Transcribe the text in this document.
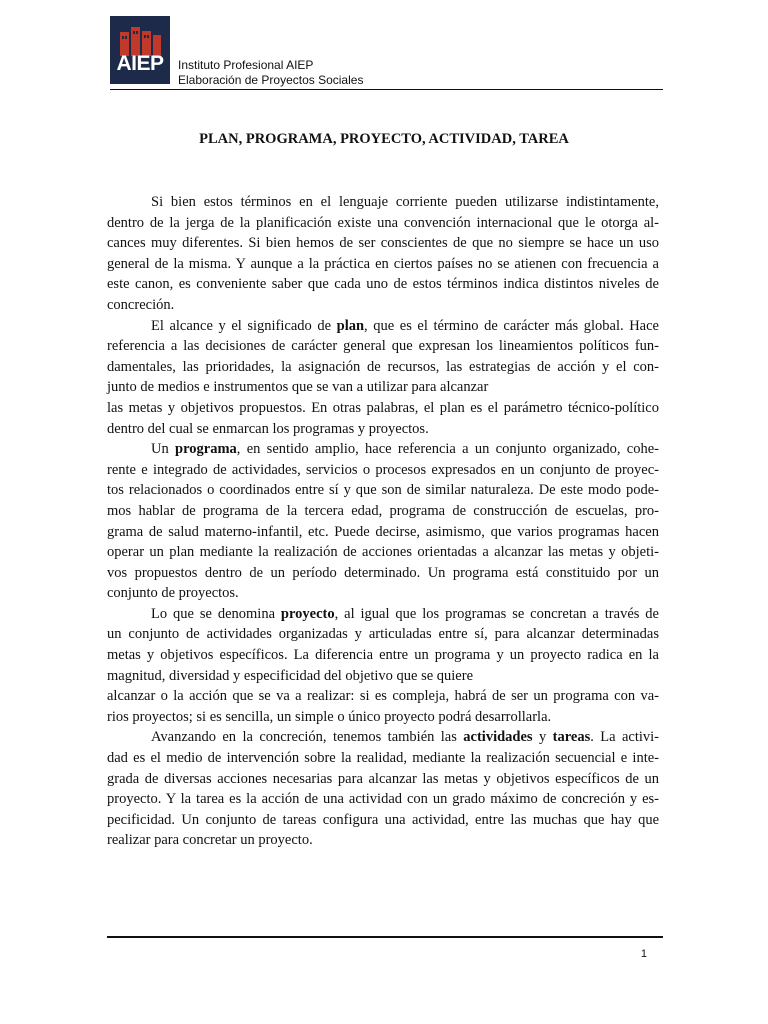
AIEP	Instituto Profesional AIEP
Elaboración de Proyectos Sociales
PLAN, PROGRAMA, PROYECTO, ACTIVIDAD, TAREA
Si bien estos términos en el lenguaje corriente pueden utilizarse indistintamente,
dentro de la jerga de la planificación existe una convención internacional que le otorga al-
cances muy diferentes. Si bien hemos de ser conscientes de que no siempre se hace un uso
general de la misma. Y aunque a la práctica en ciertos países no se atienen con frecuencia a
este canon, es conveniente saber que cada uno de estos términos indica distintos niveles de
concreción.
El alcance y el significado de plan, que es el término de carácter más global. Hace
referencia a las decisiones de carácter general que expresan los lineamientos políticos fun-
damentales, las prioridades, la asignación de recursos, las estrategias de acción y el con-
junto de medios e instrumentos que se van a utilizar para alcanzar
las metas y objetivos propuestos. En otras palabras, el plan es el parámetro técnico-político
dentro del cual se enmarcan los programas y proyectos.
Un programa, en sentido amplio, hace referencia a un conjunto organizado, cohe-
rente e integrado de actividades, servicios o procesos expresados en un conjunto de proyec-
tos relacionados o coordinados entre sí y que son de similar naturaleza. De este modo pode-
mos hablar de programa de la tercera edad, programa de construcción de escuelas, pro-
grama de salud materno-infantil, etc. Puede decirse, asimismo, que varios programas hacen
operar un plan mediante la realización de acciones orientadas a alcanzar las metas y objeti-
vos propuestos dentro de un período determinado. Un programa está constituido por un
conjunto de proyectos.
Lo que se denomina proyecto, al igual que los programas se concretan a través de
un conjunto de actividades organizadas y articuladas entre sí, para alcanzar determinadas
metas y objetivos específicos. La diferencia entre un programa y un proyecto radica en la
magnitud, diversidad y especificidad del objetivo que se quiere
alcanzar o la acción que se va a realizar: si es compleja, habrá de ser un programa con va-
rios proyectos; si es sencilla, un simple o único proyecto podrá desarrollarla.
Avanzando en la concreción, tenemos también las actividades y tareas. La activi-
dad es el medio de intervención sobre la realidad, mediante la realización secuencial e inte-
grada de diversas acciones necesarias para alcanzar las metas y objetivos específicos de un
proyecto. Y la tarea es la acción de una actividad con un grado máximo de concreción y es-
pecificidad. Un conjunto de tareas configura una actividad, entre las muchas que hay que
realizar para concretar un proyecto.
1
